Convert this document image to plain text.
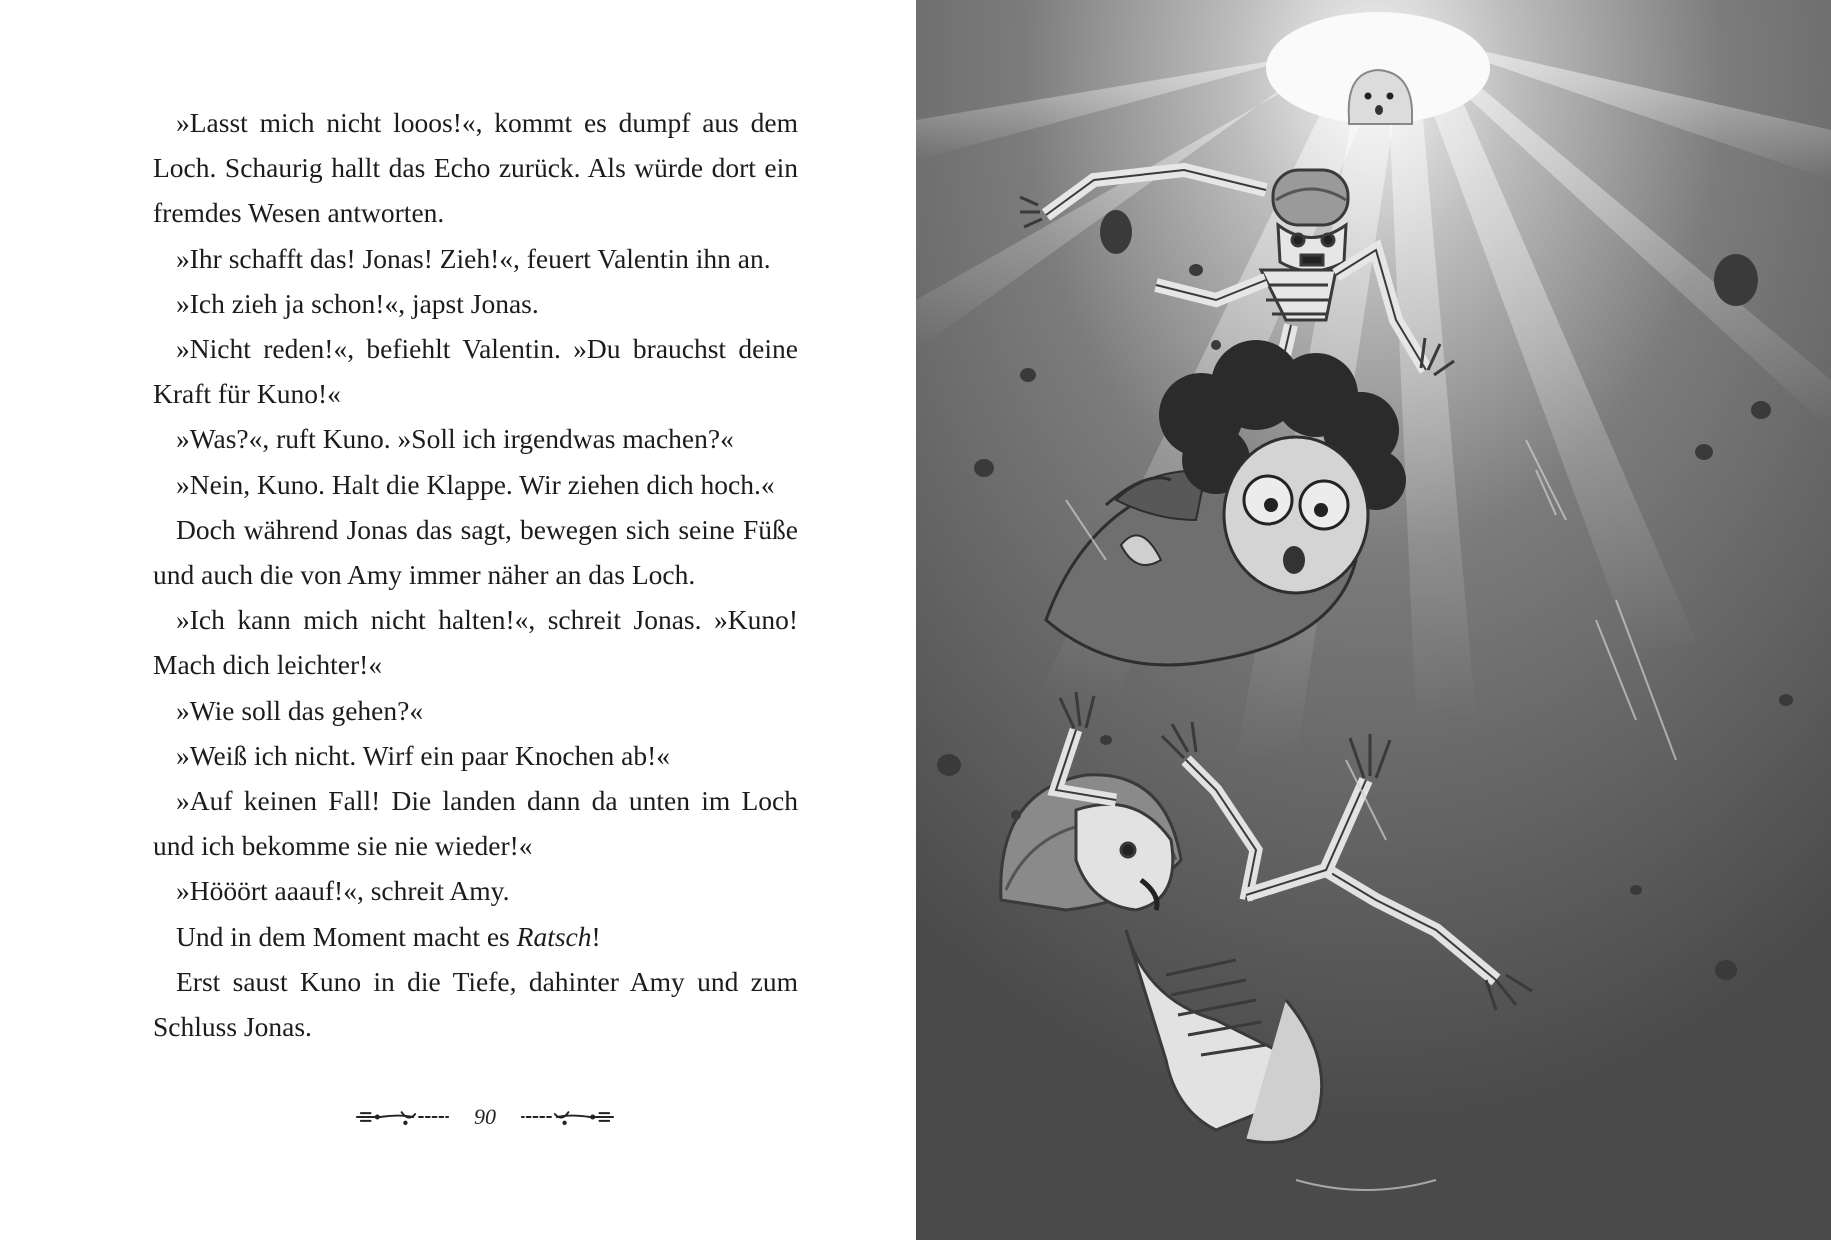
»Lasst mich nicht looos!«, kommt es dumpf aus dem Loch. Schaurig hallt das Echo zurück. Als würde dort ein fremdes Wesen antworten.

»Ihr schafft das! Jonas! Zieh!«, feuert Valentin ihn an.

»Ich zieh ja schon!«, japst Jonas.

»Nicht reden!«, befiehlt Valentin. »Du brauchst deine Kraft für Kuno!«

»Was?«, ruft Kuno. »Soll ich irgendwas machen?«

»Nein, Kuno. Halt die Klappe. Wir ziehen dich hoch.«

Doch während Jonas das sagt, bewegen sich seine Füße und auch die von Amy immer näher an das Loch.

»Ich kann mich nicht halten!«, schreit Jonas. »Kuno! Mach dich leichter!«

»Wie soll das gehen?«

»Weiß ich nicht. Wirf ein paar Knochen ab!«

»Auf keinen Fall! Die landen dann da unten im Loch und ich bekomme sie nie wieder!«

»Hööört aaauf!«, schreit Amy.

Und in dem Moment macht es Ratsch!

Erst saust Kuno in die Tiefe, dahinter Amy und zum Schluss Jonas.

90
